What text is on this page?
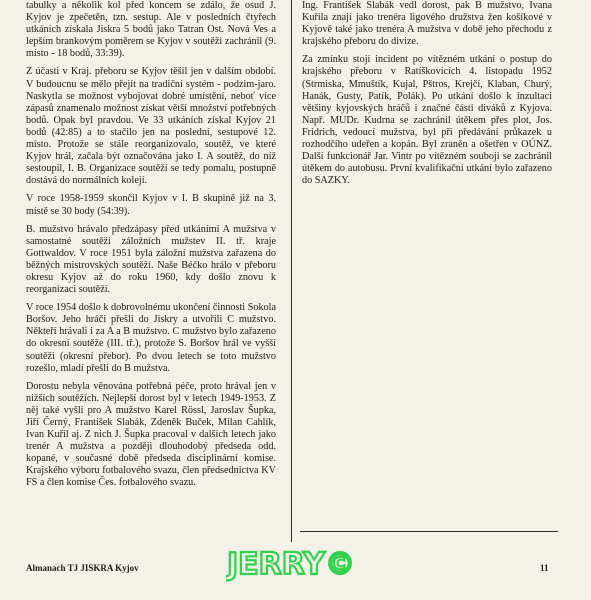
tabulky a několik kol před koncem se zdálo, že osud J. Kyjov je zpečetěn, tzn. sestup. Ale v posledních čtyřech utkáních získala Jiskra 5 bodů jako Tatran Ost. Nová Ves a lepším brankovým poměrem se Kyjov v soutěži zachránil (9. místo - 18 bodů, 33:39).

Z účasti v Kraj. přeboru se Kyjov těšil jen v dalším období. V budoucnu se mělo přejít na tradiční systém - podzim-jaro. Naskytla se možnost vybojovat dobré umístění, neboť více zápasů znamenalo možnost získat větší množství potřebných bodů. Opak byl pravdou. Ve 33 utkáních získal Kyjov 21 bodů (42:85) a to stačilo jen na poslední, sestupové 12. místo. Protože se stále reorganizovalo, soutěž, ve které Kyjov hrál, začala být označována jako I. A soutěž, do níž sestoupil, I. B. Organizace soutěží se tedy pomalu, postupně dostává do normálních kolejí.

V roce 1958-1959 skončil Kyjov v I. B skupině již na 3. místě se 30 body (54:39).

B. mužstvo hrávalo předzápasy před utkáními A mužstva v samostatné soutěži záložních mužstev II. tř. kraje Gottwaldov. V roce 1951 byla záložní mužstva zařazena do běžných mistrovských soutěží. Naše Béčko hrálo v přeboru okresu Kyjov až do roku 1960, kdy došlo znovu k reorganizaci soutěží.

V roce 1954 došlo k dobrovolnému ukončení činnosti Sokola Boršov. Jeho hráči přešli do Jiskry a utvořili C mužstvo. Někteří hrávali i za A a B mužstvo. C mužstvo bylo zařazeno do okresní soutěže (III. tř.), protože S. Boršov hrál ve vyšší soutěži (okresní přebor). Po dvou letech se toto mužstvo rozešlo, mladí přešli do B mužstva.

Dorostu nebyla věnována potřebná péče, proto hrával jen v nižších soutěžích. Nejlepší dorost byl v letech 1949-1953. Z něj také vyšli pro A mužstvo Karel Rössl, Jaroslav Šupka, Jiří Černý, František Slabák, Zdeněk Buček, Milan Cahlík, Ivan Kuřil aj. Z nich J. Šupka pracoval v dalších letech jako trenér A mužstva a později dlouhodobý předseda odd. kopané, v současné době předseda disciplinární komise. Krajského výboru fotbalového svazu, člen předsednictva KV FS a člen komise Čes. fotbalového svazu.

Ing. František Slabák vedl dorost, pak B mužstvo, Ivana Kuřila znají jako trenéra ligového družstva žen košíkové v Kyjově také jako trenéra A mužstva v době jeho přechodu z krajského přeboru do divize.

Za zmínku stojí incident po vítězném utkání o postup do krajského přeboru v Ratíškovicích 4. listopadu 1952 (Strmiska, Mmuštík, Kujal, Pštros, Krejčí, Klaban, Churý, Hanák, Gusty, Patík, Polák). Po utkání došlo k inzultaci většiny kyjovských hráčů i značné části diváků z Kyjova. Např. MUDr. Kudrna se zachránil útěkem přes plot, Jos. Fridrich, vedoucí mužstva, byl při předávání průkazek u rozhodčího udeřen a kopán. Byl zraněn a ošetřen v OÚNZ. Další funkcionář Jar. Vintr po vítězném souboji se zachránil útěkem do autobusu. První kvalifikační utkání bylo zařazeno do SAZKY.

Almanach TJ JISKRA Kyjov	JERRY©	11
